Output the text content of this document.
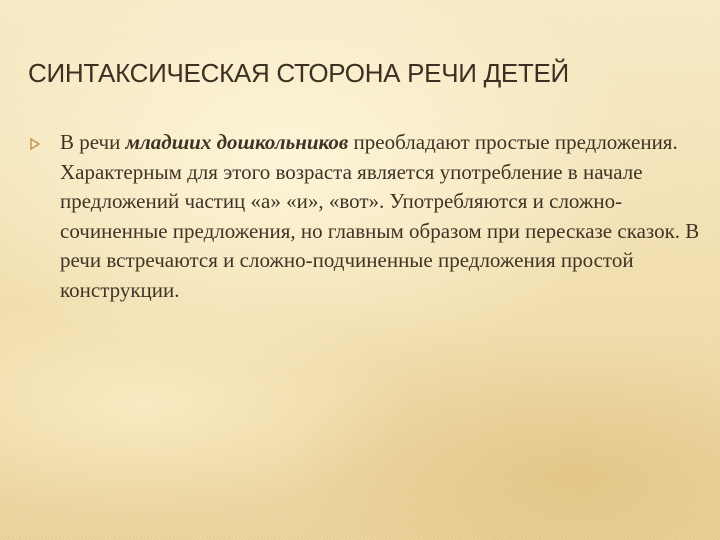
СИНТАКСИЧЕСКАЯ СТОРОНА РЕЧИ ДЕТЕЙ

В речи младших дошкольников преобладают простые предложения. Характерным для этого возраста является употребление в начале предложений частиц «а» «и», «вот». Употребляются и сложно-сочиненные предложения, но главным образом при пересказе сказок. В речи встречаются и сложно-подчиненные предложения простой конструкции.
